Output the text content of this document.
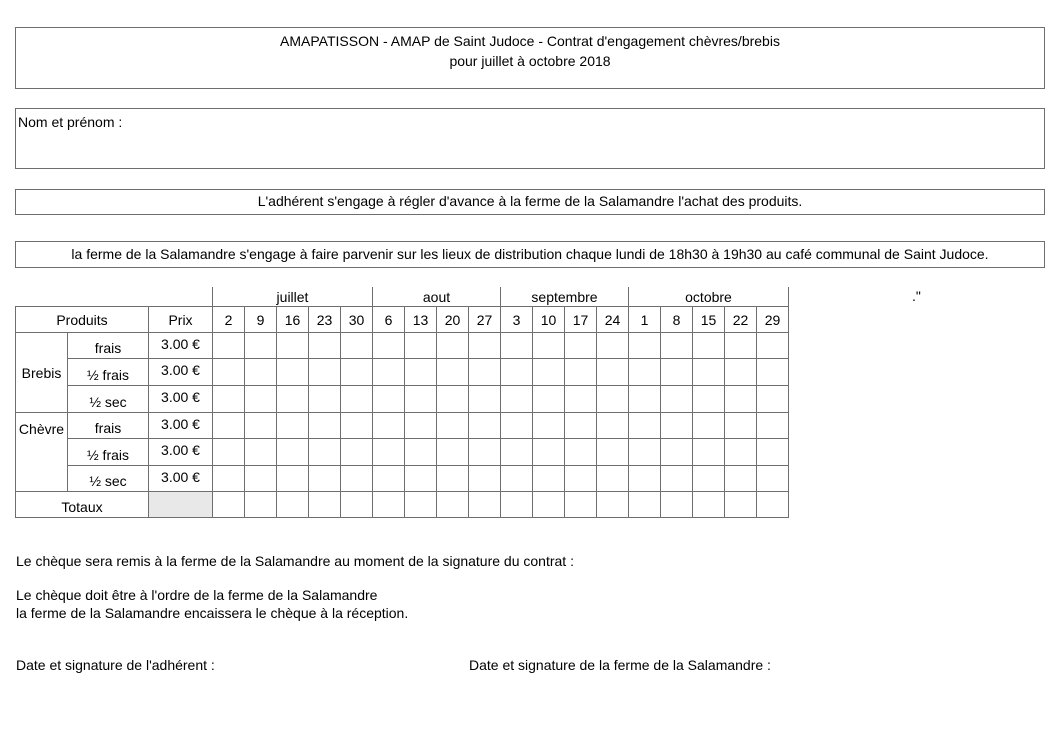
AMAPATISSON - AMAP de Saint Judoce - Contrat d'engagement chèvres/brebis
pour juillet à octobre 2018
Nom et prénom :
L'adhérent s'engage à régler d'avance à la ferme de la Salamandre l'achat des produits.
la ferme de la Salamandre s'engage à faire parvenir sur les lieux de distribution chaque lundi de 18h30 à 19h30 au café communal de Saint Judoce.
."
			juillet					aout				septembre				octobre				
Produits		Prix	2	9	16	23	30	6	13	20	27	3	10	17	24	1	8	15	22	29
Brebis	frais	3.00 €																		
	½ frais	3.00 €																		
	½ sec	3.00 €																		
Chèvre	frais	3.00 €																		
	½ frais	3.00 €																		
	½ sec	3.00 €																		
Totaux																				
Le chèque sera remis à la ferme de la Salamandre au moment de la signature du contrat :
Le chèque doit être à l'ordre de la ferme de la Salamandre
la ferme de la Salamandre encaissera le chèque à la réception.
Date et signature de l'adhérent :	Date et signature de la ferme de la Salamandre :
